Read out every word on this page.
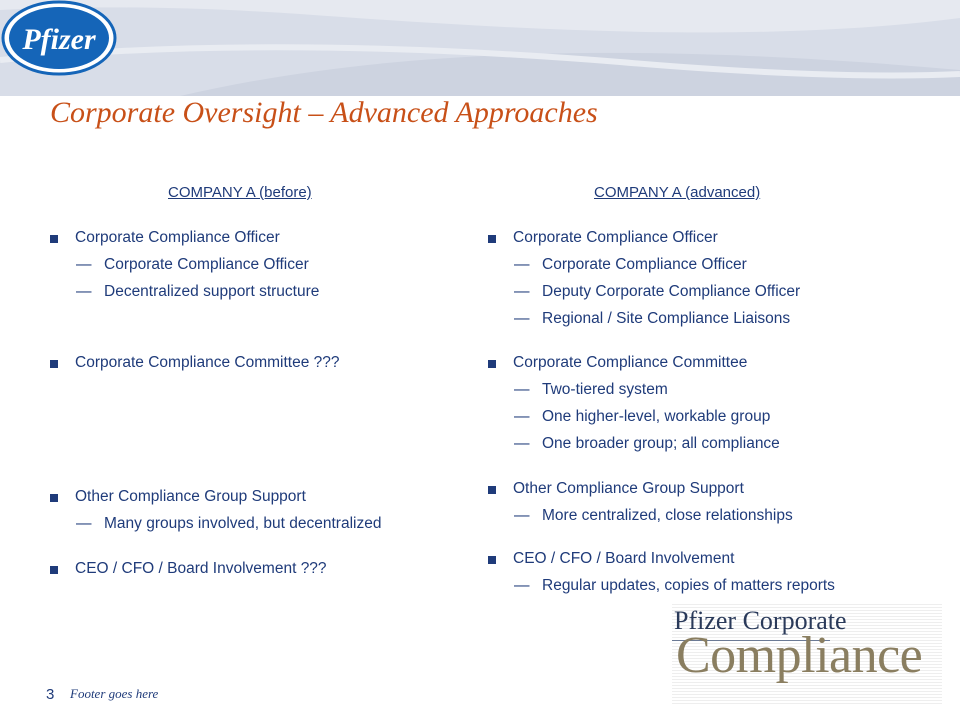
Pfizer
Corporate Oversight – Advanced Approaches
COMPANY A (before)	COMPANY A (advanced)
Corporate Compliance Officer
— Corporate Compliance Officer
— Decentralized support structure
Corporate Compliance Committee ???
Other Compliance Group Support
— Many groups involved, but decentralized
CEO / CFO / Board Involvement ???
Corporate Compliance Officer
— Corporate Compliance Officer
— Deputy Corporate Compliance Officer
— Regional / Site Compliance Liaisons
Corporate Compliance Committee
— Two-tiered system
— One higher-level, workable group
— One broader group; all compliance
Other Compliance Group Support
— More centralized, close relationships
CEO / CFO / Board Involvement
— Regular updates, copies of matters reports
Pfizer Corporate
Compliance
3 Footer goes here
